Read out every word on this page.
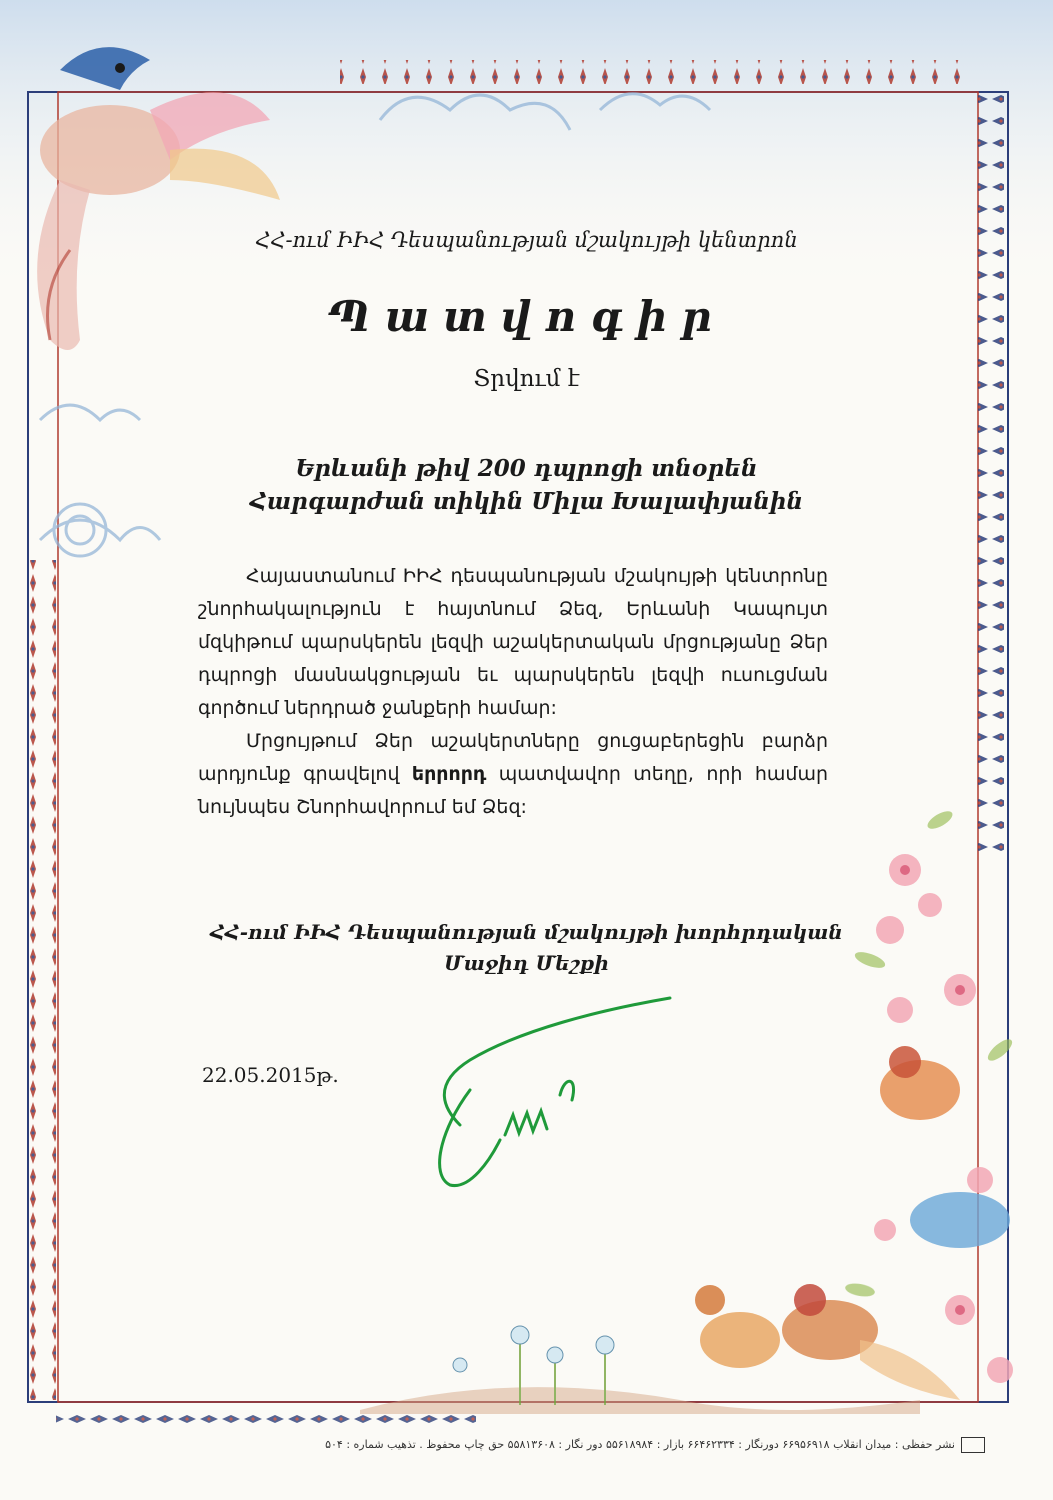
ՀՀ-ում ԻԻՀ Դեսպանության մշակույթի կենտրոն

Պատվոգիր

Տրվում է

Երևանի թիվ 200 դպրոցի տնօրեն

Հարգարժան տիկին Միլա Խալափյանին

Հայաստանում ԻԻՀ դեսպանության մշակույթի կենտրոնը շնորհակալություն է հայտնում Ձեզ, Երևանի Կապույտ մզկիթում պարսկերեն լեզվի աշակերտական մրցությանը Ձեր դպրոցի մասնակցության եւ պարսկերեն լեզվի ուսուցման գործում ներդրած ջանքերի համար:

Մրցույթում Ձեր աշակերտները ցուցաբերեցին բարձր արդյունք գրավելով երրորդ պատվավոր տեղը, որի համար նույնպես Շնորհավորում եմ Ձեզ:

ՀՀ-ում ԻԻՀ Դեսպանության մշակույթի խորհրդական

Մաջիդ Մեշքի

22.05.2015թ.

نشر حفظی : میدان انقلاب ۶۶۹۵۶۹۱۸ دورنگار : ۶۶۴۶۲۳۳۴ بازار : ۵۵۶۱۸۹۸۴ دور نگار : ۵۵۸۱۳۶۰۸ حق چاپ محفوظ . تذهیب شماره : ۵۰۴
